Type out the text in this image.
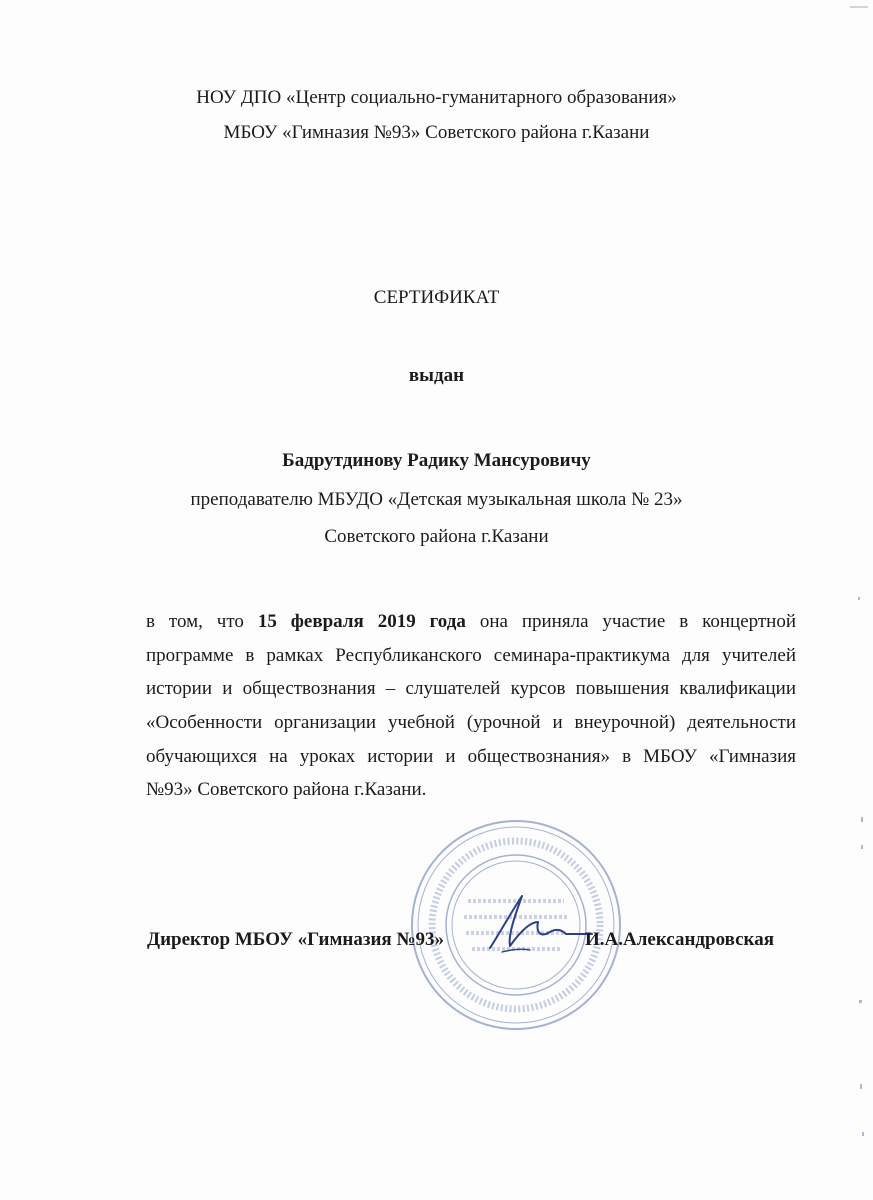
НОУ ДПО «Центр социально-гуманитарного образования»
МБОУ «Гимназия №93» Советского района г.Казани
СЕРТИФИКАТ
выдан
Бадрутдинову Радику Мансуровичу
преподавателю МБУДО «Детская музыкальная школа № 23»
Советского района г.Казани
в том, что 15 февраля 2019 года она приняла участие в концертной
программе в рамках Республиканского семинара-практикума для учителей
истории и обществознания – слушателей курсов повышения квалификации
«Особенности организации учебной (урочной и внеурочной) деятельности
обучающихся на уроках истории и обществознания» в МБОУ «Гимназия
№93» Советского района г.Казани.
Директор МБОУ «Гимназия №93»	И.А.Александровская
